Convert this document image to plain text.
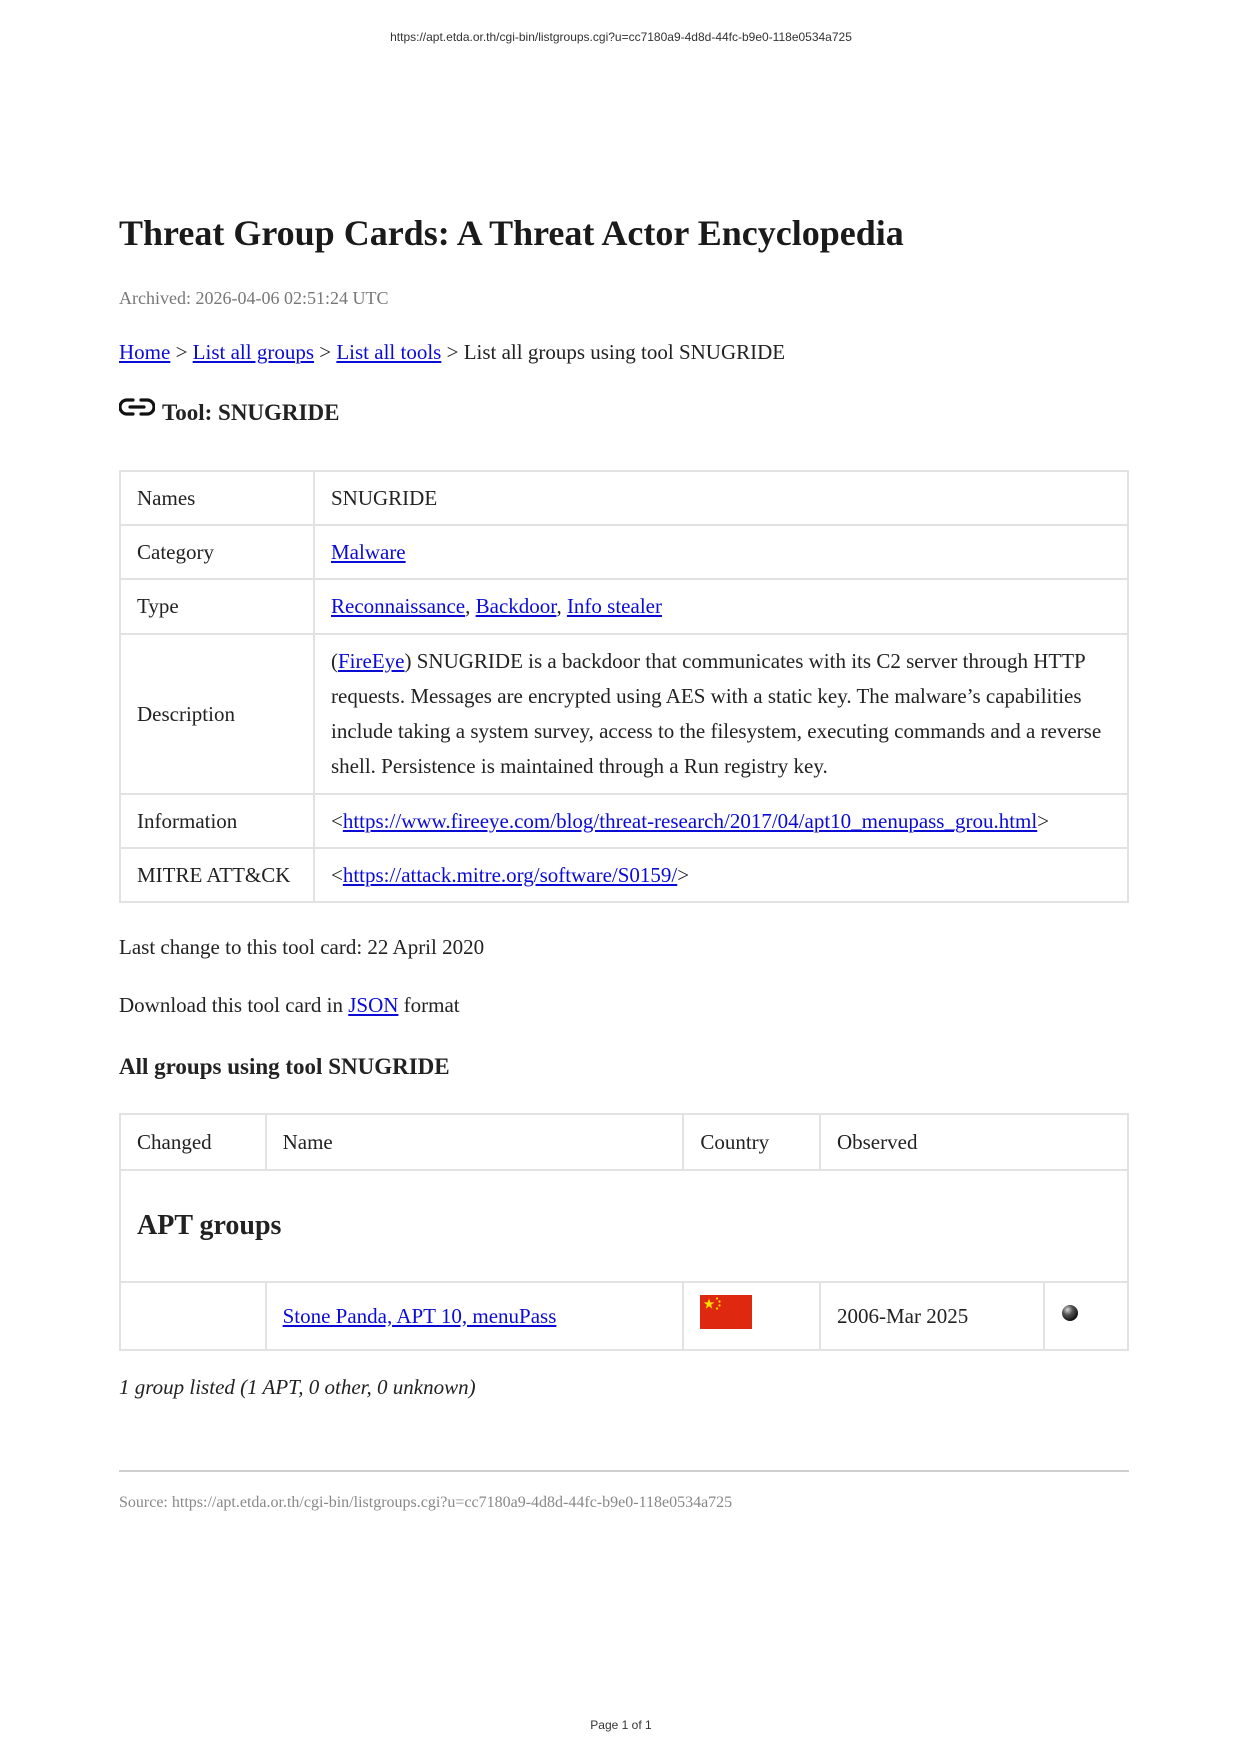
https://apt.etda.or.th/cgi-bin/listgroups.cgi?u=cc7180a9-4d8d-44fc-b9e0-118e0534a725
Threat Group Cards: A Threat Actor Encyclopedia
Archived: 2026-04-06 02:51:24 UTC
Home > List all groups > List all tools > List all groups using tool SNUGRIDE
Tool: SNUGRIDE
Names	SNUGRIDE
Category	Malware
Type	Reconnaissance, Backdoor, Info stealer
Description	(FireEye) SNUGRIDE is a backdoor that communicates with its C2 server through HTTP requests. Messages are encrypted using AES with a static key. The malware’s capabilities include taking a system survey, access to the filesystem, executing commands and a reverse shell. Persistence is maintained through a Run registry key.
Information	<https://www.fireeye.com/blog/threat-research/2017/04/apt10_menupass_grou.html>
MITRE ATT&CK	<https://attack.mitre.org/software/S0159/>
Last change to this tool card: 22 April 2020
Download this tool card in JSON format
All groups using tool SNUGRIDE
Changed	Name	Country	Observed	
APT groups				
	Stone Panda, APT 10, menuPass		2006-Mar 2025	
1 group listed (1 APT, 0 other, 0 unknown)
Source: https://apt.etda.or.th/cgi-bin/listgroups.cgi?u=cc7180a9-4d8d-44fc-b9e0-118e0534a725
Page 1 of 1
